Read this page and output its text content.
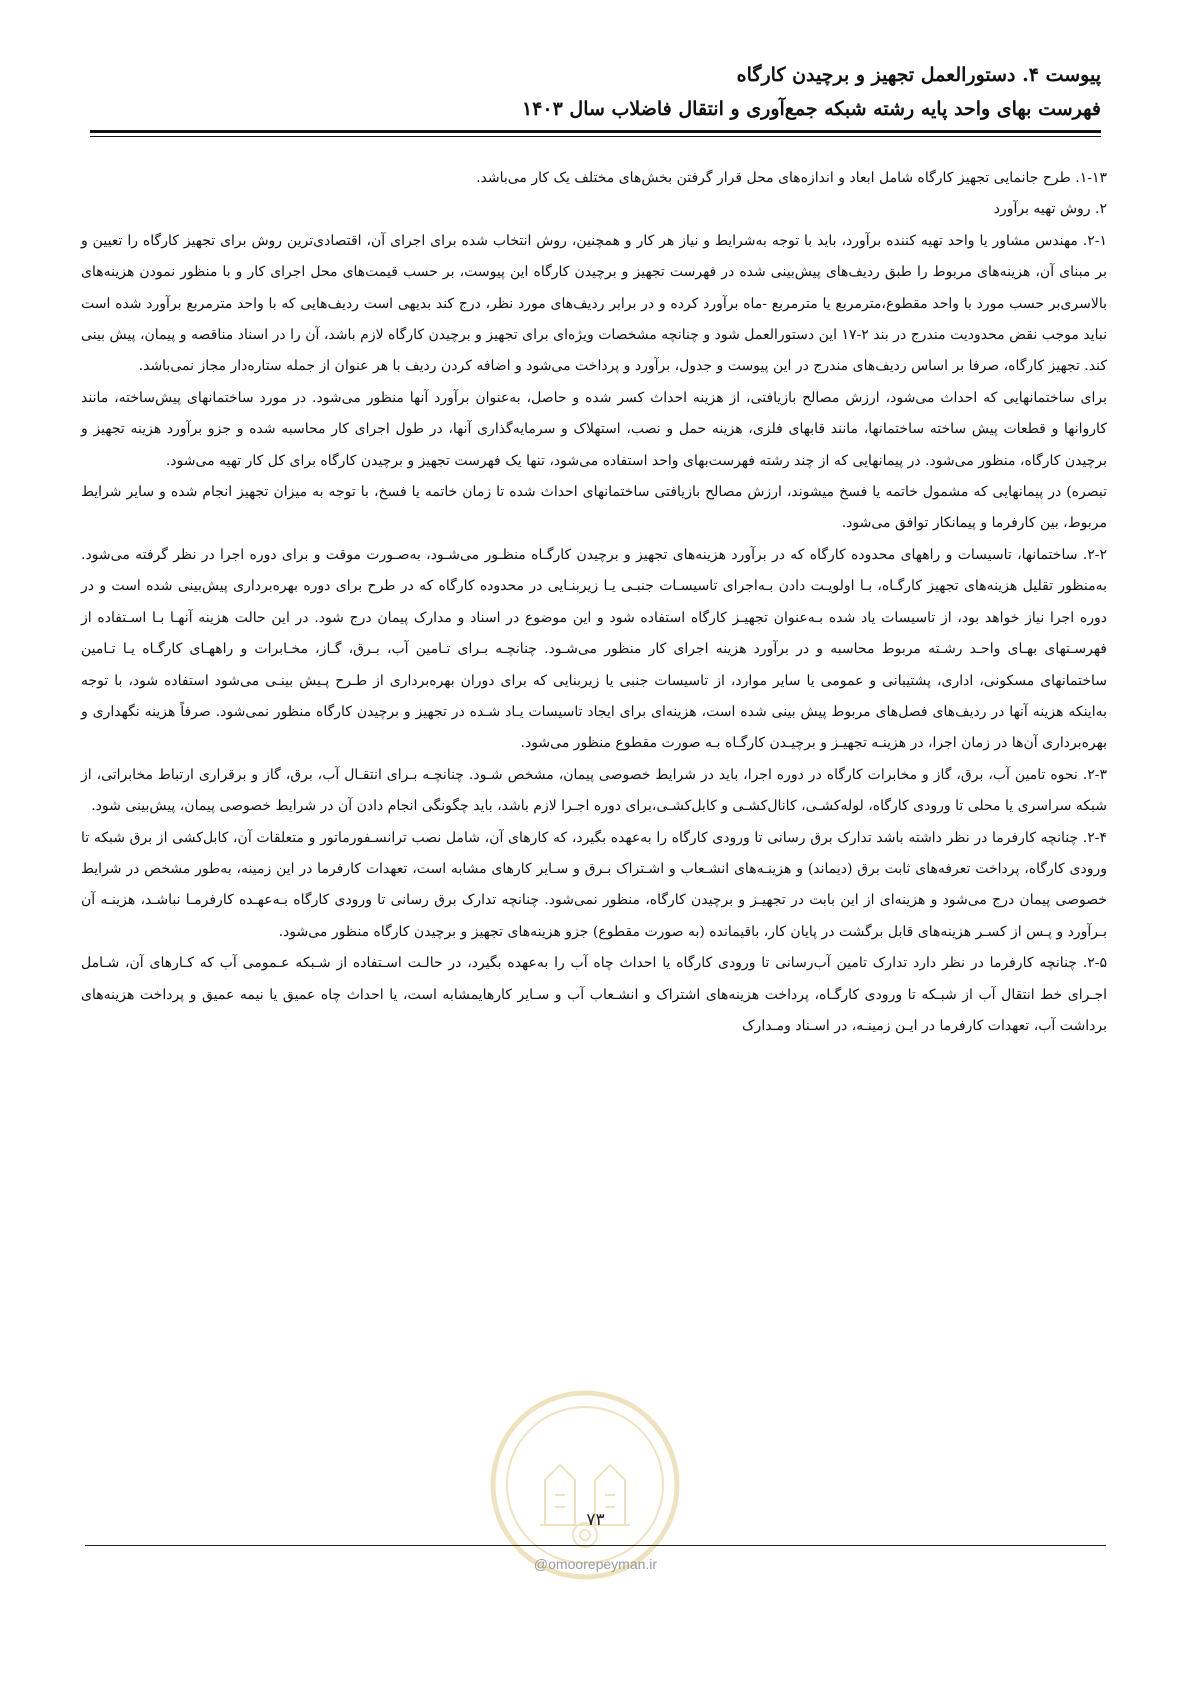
پیوست ۴. دستورالعمل تجهیز و برچیدن کارگاه
فهرست بهای واحد پایه رشته شبکه جمع‌آوری و انتقال فاضلاب سال ۱۴۰۳

۱-۱۳. طرح جانمایی تجهیز کارگاه شامل ابعاد و اندازه‌های محل قرار گرفتن بخش‌های مختلف یک کار می‌باشد.

۲. روش تهیه برآورد

۲-۱. مهندس مشاور یا واحد تهیه کننده برآورد، باید با توجه به‌شرایط و نیاز هر کار و همچنین، روش انتخاب شده برای اجرای آن، اقتصادی‌ترین روش برای تجهیز کارگاه را تعیین و بر مبنای آن، هزینه‌های مربوط را طبق ردیف‌های پیش‌بینی شده در فهرست تجهیز و برچیدن کارگاه این پیوست، بر حسب قیمت‌های محل اجرای کار و با منظور نمودن هزینه‌های بالاسری‌بر حسب مورد با واحد مقطوع،مترمربع یا مترمربع -ماه برآورد کرده و در برابر ردیف‌های مورد نظر، درج کند بدیهی است ردیف‌هایی که با واحد مترمربع برآورد شده است نباید موجب نقض محدودیت مندرج در بند ۲-۱۷ این دستورالعمل شود و چنانچه مشخصات ویژه‌ای برای تجهیز و برچیدن کارگاه لازم باشد، آن را در اسناد مناقصه و پیمان، پیش بینی کند. تجهیز کارگاه، صرفا بر اساس ردیف‌های مندرج در این پیوست و جدول، برآورد و پرداخت می‌شود و اضافه کردن ردیف با هر عنوان از جمله ستاره‌دار مجاز نمی‌باشد.

برای ساختمانهایی که احداث می‌شود، ارزش مصالح بازیافتی، از هزینه احداث کسر شده و حاصل، به‌عنوان برآورد آنها منظور می‌شود. در مورد ساختمانهای پیش‌ساخته، مانند کاروانها و قطعات پیش ساخته ساختمانها، مانند قابهای فلزی، هزینه حمل و نصب، استهلاک و سرمایه‌گذاری آنها، در طول اجرای کار محاسبه شده و جزو برآورد هزینه تجهیز و برچیدن کارگاه، منظور می‌شود. در پیمانهایی که از چند رشته فهرست‌بهای واحد استفاده می‌شود، تنها یک فهرست تجهیز و برچیدن کارگاه برای کل کار تهیه می‌شود.

تبصره) در پیمانهایی که مشمول خاتمه یا فسخ میشوند، ارزش مصالح بازیافتی ساختمانهای احداث شده تا زمان خاتمه یا فسخ، با توجه به میزان تجهیز انجام شده و سایر شرایط مربوط، بین کارفرما و پیمانکار توافق می‌شود.

۲-۲. ساختمانها، تاسیسات و راههای محدوده کارگاه که در برآورد هزینه‌های تجهیز و برچیدن کارگـاه منظـور می‌شـود، به‌صـورت موقت و برای دوره اجرا در نظر گرفته می‌شود. به‌منظور تقلیل هزینه‌های تجهیز کارگـاه، بـا اولویـت دادن بـه‌اجرای تاسیسـات جنبـی یـا زیربنـایی در محدوده کارگاه که در طرح برای دوره بهره‌برداری پیش‌بینی شده است و در دوره اجرا نیاز خواهد بود، از تاسیسات یاد شده بـه‌عنوان تجهیـز کارگاه استفاده شود و این موضوع در اسناد و مدارک پیمان درج شود. در این حالت هزینه آنهـا بـا اسـتفاده از فهرسـتهای بهـای واحـد رشـته مربوط محاسبه و در برآورد هزینه اجرای کار منظور می‌شـود. چنانچـه بـرای تـامین آب، بـرق، گـاز، مخـابرات و راههـای کارگـاه یـا تـامین ساختمانهای مسکونی، اداری، پشتیبانی و عمومی یا سایر موارد، از تاسیسات جنبی یا زیربنایی که برای دوران بهره‌برداری از طـرح پـیش بینـی می‌شود استفاده شود، با توجه به‌اینکه هزینه آنها در ردیف‌های فصل‌های مربوط پیش بینی شده است، هزینه‌ای برای ایجاد تاسیسات یـاد شـده در تجهیز و برچیدن کارگاه منظور نمی‌شود. صرفاً هزینه نگهداری و بهره‌برداری آن‌ها در زمان اجرا، در هزینـه تجهیـز و برچیـدن کارگـاه بـه صورت مقطوع منظور می‌شود.

۲-۳. نحوه تامین آب، برق، گاز و مخابرات کارگاه در دوره اجرا، باید در شرایط خصوصی پیمان، مشخص شـود. چنانچـه بـرای انتقـال آب، برق، گاز و برقراری ارتباط مخابراتی، از شبکه سراسری یا محلی تا ورودی کارگاه، لوله‌کشـی، کانال‌کشـی و کابل‌کشـی،برای دوره اجـرا لازم باشد، باید چگونگی انجام دادن آن در شرایط خصوصی پیمان، پیش‌بینی شود.

۲-۴. چنانچه کارفرما در نظر داشته باشد تدارک برق رسانی تا ورودی کارگاه را به‌عهده بگیرد، که کارهای آن، شامل نصب ترانسـفورماتور و متعلقات آن، کابل‌کشی از برق شبکه تا ورودی کارگاه، پرداخت تعرفه‌های ثابت برق (دیماند) و هزینـه‌های انشـعاب و اشـتراک بـرق و سـایر کارهای مشابه است، تعهدات کارفرما در این زمینه، به‌طور مشخص در شرایط خصوصی پیمان درج می‌شود و هزینه‌ای از این بابت در تجهیـز و برچیدن کارگاه، منظور نمی‌شود. چنانچه تدارک برق رسانی تا ورودی کارگاه بـه‌عهـده کارفرمـا نباشـد، هزینـه آن بـرآورد و پـس از کسـر هزینه‌های قابل برگشت در پایان کار، باقیمانده (به صورت مقطوع) جزو هزینه‌های تجهیز و برچیدن کارگاه منظور می‌شود.

۲-۵. چنانچه کارفرما در نظر دارد تدارک تامین آب‌رسانی تا ورودی کارگاه یا احداث چاه آب را به‌عهده بگیرد، در حالـت اسـتفاده از شـبکه عـمومی آب که کـارهای آن، شـامل اجـرای خط انتقال آب از شبـکه تا ورودی کارگـاه، پرداخت هزینه‌های اشتراک و انشـعاب آب و سـایر کارهایمشابه است، یا احداث چاه عمیق یا نیمه عمیق و پرداخت هزینه‌های برداشت آب، تعهدات کارفرما در ایـن زمینـه، در اسـناد ومـدارک

۷۳
@omoorepeyman.ir
